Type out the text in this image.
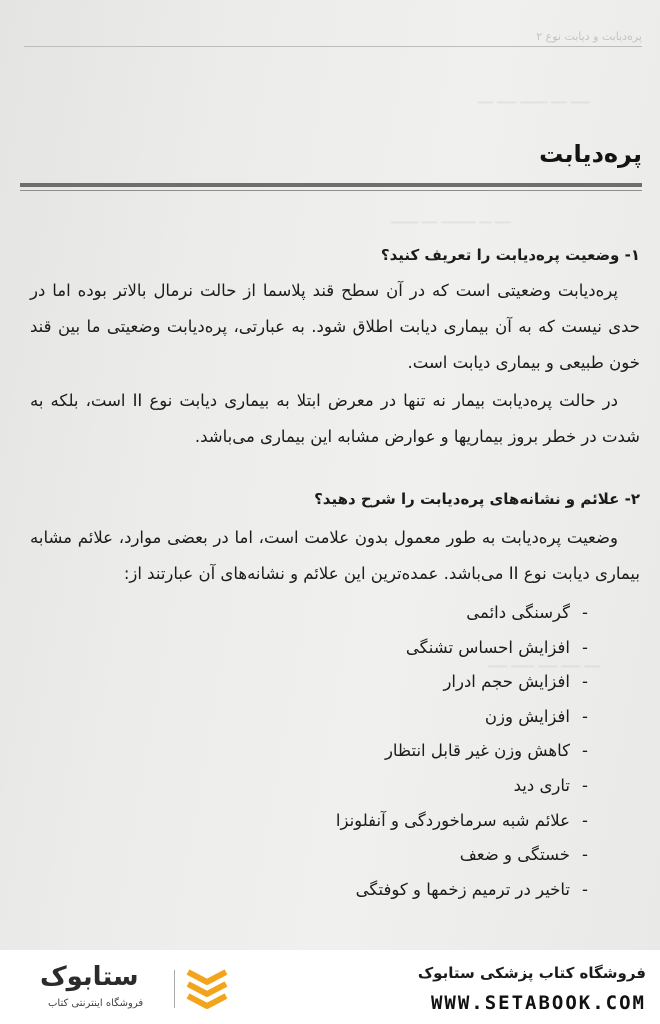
پره‌دیابت و دیابت نوع ۲
ــــ ـــــ ـــــــ ــــ ـــــ
ـــــــ ــــ ـــــــــ ـــ ــــ
ـــــ ــــــ ـــــ ـــــ ــــ
پره‌دیابت
۱- وضعیت پره‌دیابت را تعریف کنید؟
پره‌دیابت وضعیتی است که در آن سطح قند پلاسما از حالت نرمال بالاتر بوده اما در حدی نیست که به آن بیماری دیابت اطلاق شود. به عبارتی، پره‌دیابت وضعیتی ما بین قند خون طبیعی و بیماری دیابت است.
در حالت پره‌دیابت بیمار نه تنها در معرض ابتلا به بیماری دیابت نوع II است، بلکه به شدت در خطر بروز بیماریها و عوارض مشابه این بیماری می‌باشد.
۲- علائم و نشانه‌های پره‌دیابت را شرح دهید؟
وضعیت پره‌دیابت به طور معمول بدون علامت است، اما در بعضی موارد، علائم مشابه بیماری دیابت نوع II می‌باشد. عمده‌ترین این علائم و نشانه‌های آن عبارتند از:
-گرسنگی دائمی
-افزایش احساس تشنگی
-افزایش حجم ادرار
-افزایش وزن
-کاهش وزن غیر قابل انتظار
-تاری دید
-علائم شبه سرماخوردگی و آنفلونزا
-خستگی و ضعف
-تاخیر در ترمیم زخمها و کوفتگی
ستابوک
فروشگاه اینترنتی کتاب
فروشگاه کتاب پزشکی ستابوک
WWW.SETABOOK.COM
